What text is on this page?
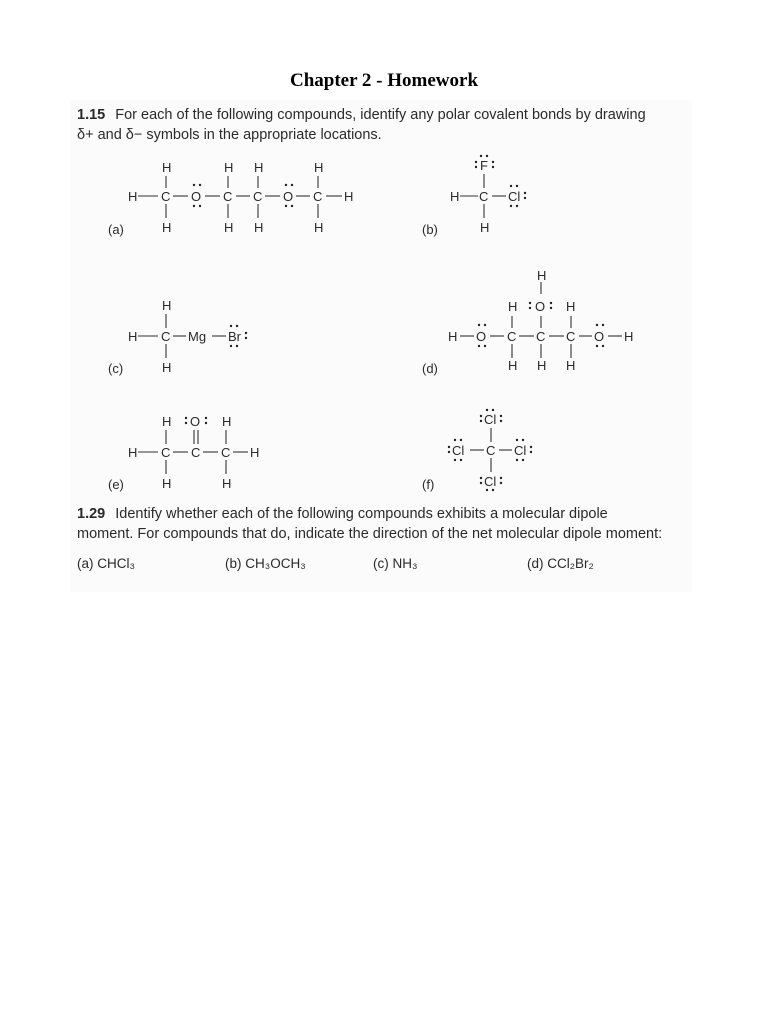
Chapter 2 - Homework
1.15 For each of the following compounds, identify any polar covalent bonds by drawing
δ+ and δ− symbols in the appropriate locations.
(a)
H C O C C O C H
H
H
H
H
H
H
H
H	(b)
H C Cl
F
H
(c)
H C Mg Br
H
H	(d)
H O C C C O H
H O H
H
H H H
(e)
H C C C H
H
H
O H
H	(f)
Cl C Cl
Cl
Cl
1.29 Identify whether each of the following compounds exhibits a molecular dipole
moment. For compounds that do, indicate the direction of the net molecular dipole moment:
(a) CHCl₃	(b) CH₃OCH₃	(c) NH₃	(d) CCl₂Br₂
